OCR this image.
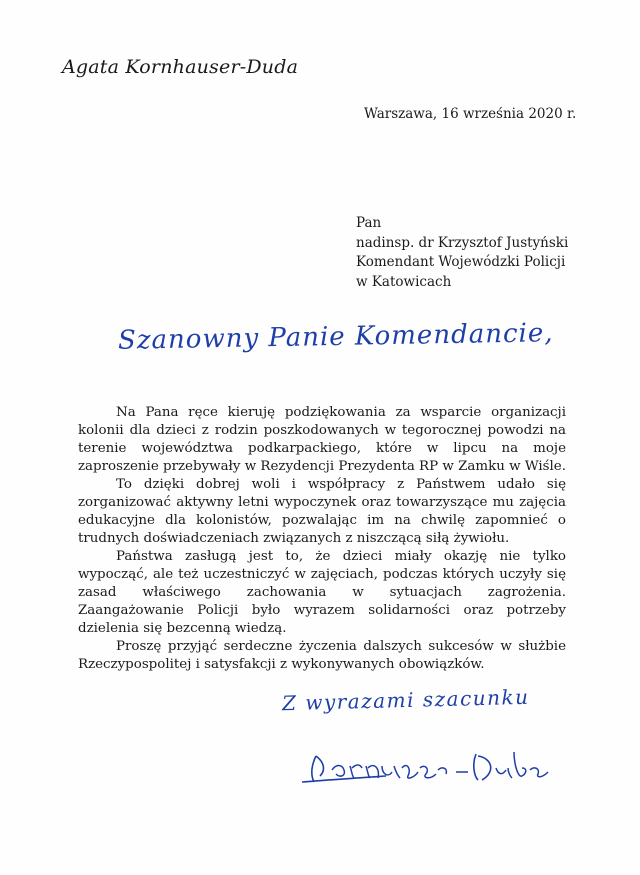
Agata Kornhauser-Duda
Warszawa, 16 września 2020 r.
Pan
nadinsp. dr Krzysztof Justyński
Komendant Wojewódzki Policji
w Katowicach
Szanowny Panie Komendancie,

Na Pana ręce kieruję podziękowania za wsparcie organizacji kolonii dla dzieci z rodzin poszkodowanych w tegorocznej powodzi na terenie województwa podkarpackiego, które w lipcu na moje zaproszenie przebywały w Rezydencji Prezydenta RP w Zamku w Wiśle.

To dzięki dobrej woli i współpracy z Państwem udało się zorganizować aktywny letni wypoczynek oraz towarzyszące mu zajęcia edukacyjne dla kolonistów, pozwalając im na chwilę zapomnieć o trudnych doświadczeniach związanych z niszczącą siłą żywiołu.

Państwa zasługą jest to, że dzieci miały okazję nie tylko wypocząć, ale też uczestniczyć w zajęciach, podczas których uczyły się zasad właściwego zachowania w sytuacjach zagrożenia. Zaangażowanie Policji było wyrazem solidarności oraz potrzeby dzielenia się bezcenną wiedzą.

Proszę przyjąć serdeczne życzenia dalszych sukcesów w służbie Rzeczypospolitej i satysfakcji z wykonywanych obowiązków.

Z wyrazami szacunku
